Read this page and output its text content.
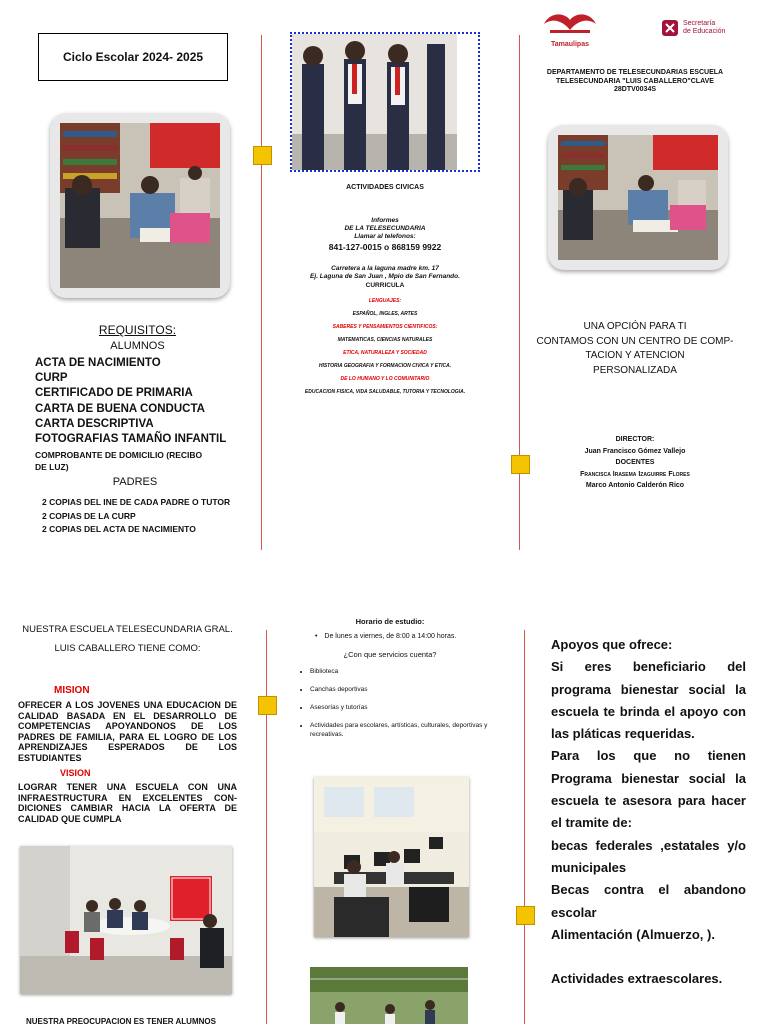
Ciclo Escolar 2024- 2025
REQUISITOS:
ALUMNOS
ACTA DE NACIMIENTO
CURP
CERTIFICADO DE PRIMARIA
CARTA DE BUENA CONDUCTA
CARTA DESCRIPTIVA
FOTOGRAFIAS TAMAÑO INFANTIL
COMPROBANTE DE DOMICILIO (RECIBO DE LUZ)
PADRES
2 COPIAS DEL INE DE CADA PADRE O TUTOR
2 COPIAS DE LA CURP
2 COPIAS DEL ACTA DE NACIMIENTO
ACTIVIDADES CIVICAS
Informes
DE LA TELESECUNDARIA
Llamar al telefonos:
841-127-0015 o 868159 9922
Carretera a la laguna madre km. 17
Ej. Laguna de San Juan , Mpio de San Fernando.
CURRICULA
LENGUAJES:
ESPAÑOL, INGLES, ARTES
SABERES Y PENSAMIENTOS CIENTIFICOS:
MATEMATICAS, CIENCIAS NATURALES
ETICA, NATURALEZA Y SOCIEDAD
HISTORIA GEOGRAFIA Y FORMACION CIVICA Y ETICA.
DE LO HUMANO Y LO COMUNITARIO
EDUCACION FISICA, VIDA SALUDABLE, TUTORIA Y TECNOLOGIA.
Tamaulipas
Secretaría
de Educación
DEPARTAMENTO DE TELESECUNDARIAS ESCUELA
TELESECUNDARIA "LUIS CABALLERO"CLAVE
28DTV0034S
UNA OPCIÓN PARA TI
CONTAMOS CON UN CENTRO DE COMP-
TACION Y ATENCION
PERSONALIZADA
DIRECTOR:
Juan Francisco Gómez Vallejo
DOCENTES
Francisca Irasema Izaguirre Flores
Marco Antonio Calderón Rico
NUESTRA ESCUELA TELESECUNDARIA GRAL.
LUIS CABALLERO TIENE COMO:
MISION
OFRECER A LOS JOVENES UNA EDUCACION DE CALIDAD BASADA EN EL DESARROLLO DE COMPETENCIAS APOYANDONOS DE LOS PADRES DE FAMILIA, PARA EL LOGRO DE LOS APRENDIZAJES ESPERADOS DE LOS ESTUDIANTES
VISION
LOGRAR TENER UNA ESCUELA CON UNA INFRAESTRUCTURA EN EXCELENTES CON-DICIONES CAMBIAR HACIA LA OFERTA DE CALIDAD QUE CUMPLA
NUESTRA PREOCUPACION ES TENER ALUMNOS
Horario de estudio:
• De lunes a viernes, de 8:00 a 14:00 horas.
¿Con que servicios cuenta?
• Biblioteca
• Canchas deportivas
• Asesorías y tutorías
• Actividades para escolares, artísticas, culturales, deportivas y recreativas.
Apoyos que ofrece:
Si eres beneficiario del programa bienestar social la escuela te brinda el apoyo con las pláticas requeridas.
Para los que no tienen Programa bienestar social la escuela te asesora para hacer el tramite de:
becas federales ,estatales y/o municipales
Becas contra el abandono escolar
Alimentación (Almuerzo, ).
Actividades extraescolares.
